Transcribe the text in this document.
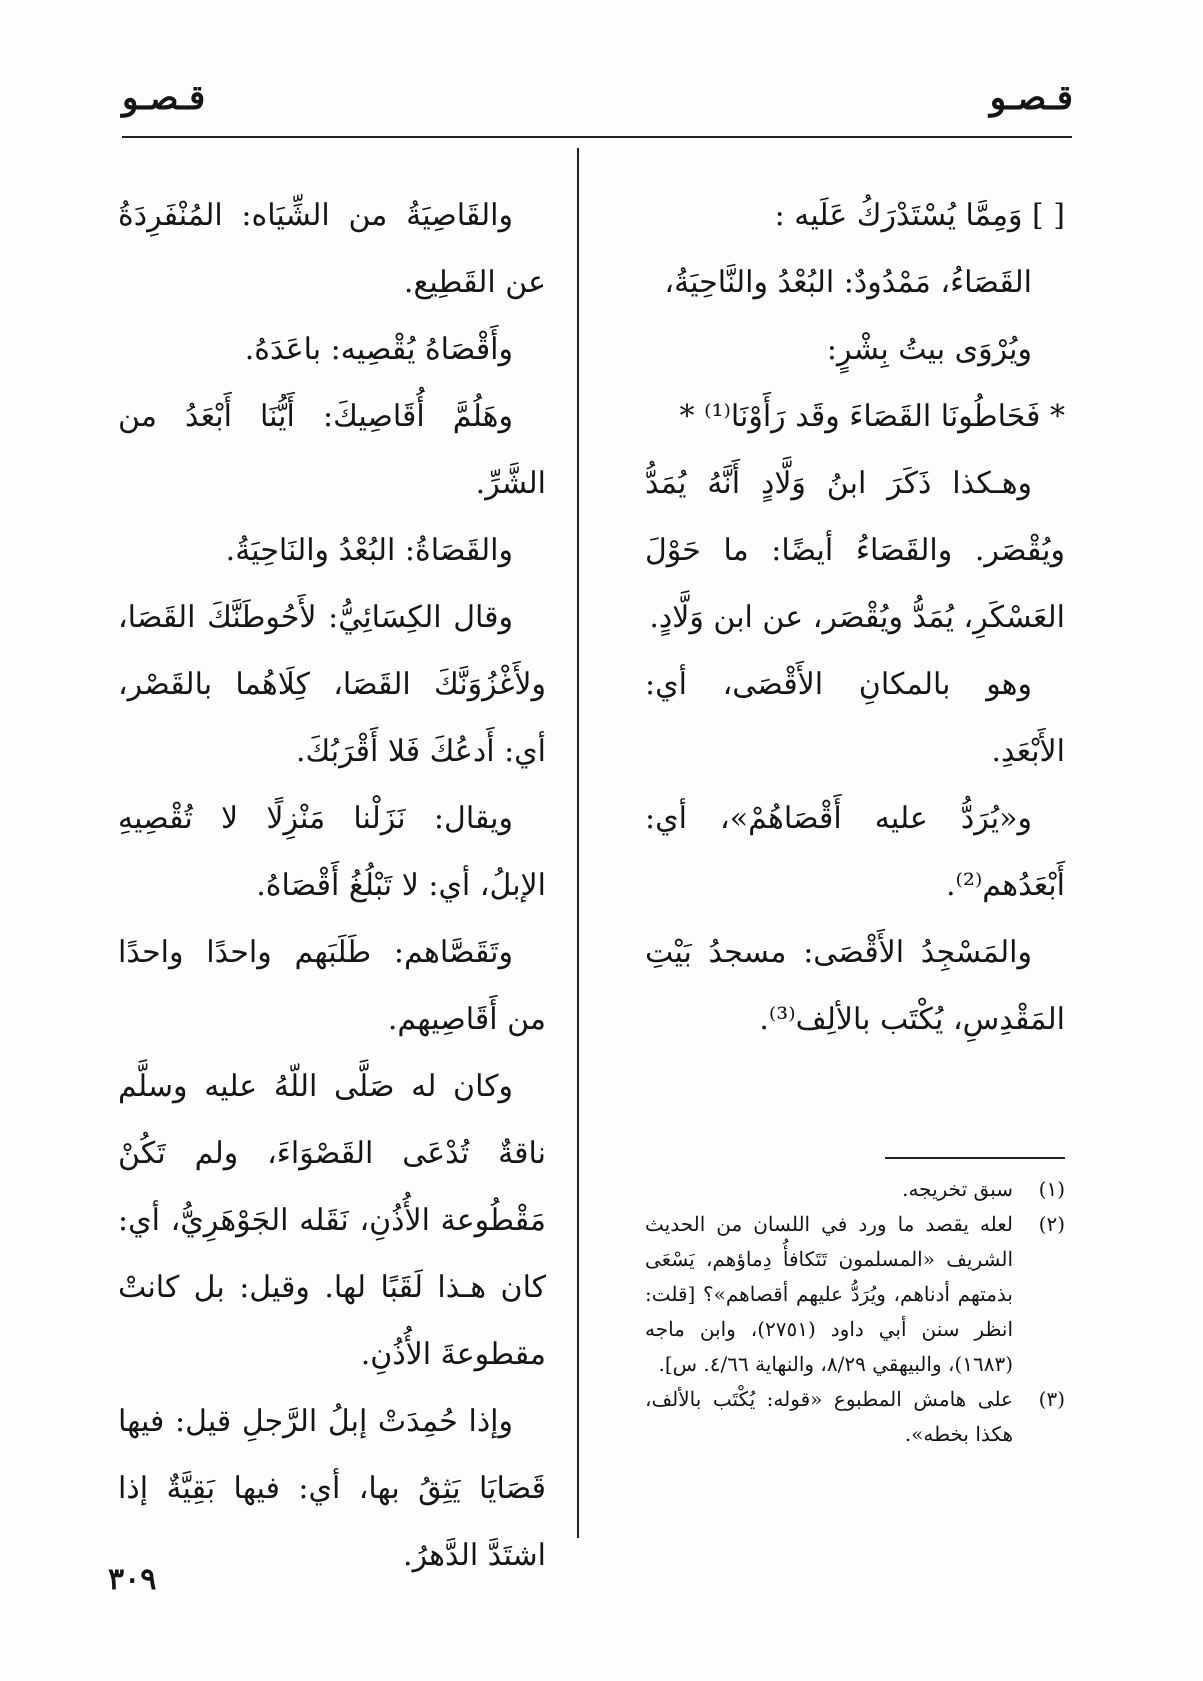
قـصـو
قـصـو

[ ] وَمِمَّا يُسْتَدْرَكُ عَلَيه :

القَصَاءُ، مَمْدُودٌ: البُعْدُ والنَّاحِيَةُ،

ويُرْوَى بيتُ بِشْرٍ:

* فَحَاطُونَا القَصَاءَ وقَد رَأَوْنَا⁽¹⁾ *

وهـكذا ذَكَرَ ابنُ وَلَّادٍ أَنَّهُ يُمَدُّ ويُقْصَر. والقَصَاءُ أيضًا: ما حَوْلَ العَسْكَرِ، يُمَدُّ ويُقْصَر، عن ابن وَلَّادٍ.

وهو بالمكانِ الأَقْصَى، أي: الأَبْعَدِ.

و«يُرَدُّ عليه أَقْصَاهُمْ»، أي: أَبْعَدُهم⁽²⁾.

والمَسْجِدُ الأَقْصَى: مسجدُ بَيْتِ المَقْدِسِ، يُكْتَب بالألِف⁽³⁾.

(١)
سبق تخريجه.
(٢)
لعله يقصد ما ورد في اللسان من الحديث الشريف «المسلمون تَتَكافأُ دِماؤهم، يَسْعَى بذمتهم أدناهم، ويُرَدُّ عليهم أقصاهم»؟ [قلت: انظر سنن أبي داود (٢٧٥١)، وابن ماجه (١٦٨٣)، والبيهقي ٨/٢٩، والنهاية ٤/٦٦. س].
(٣)
على هامش المطبوع «قوله: يُكْتَب بالألف، هكذا بخطه».

والقَاصِيَةُ من الشِّيَاه: المُنْفَرِدَةُ عن القَطِيع.

وأَقْصَاهُ يُقْصِيه: باعَدَهُ.

وهَلُمَّ أُقَاصِيكَ: أَيُّنَا أَبْعَدُ من الشَّرِّ.

والقَصَاةُ: البُعْدُ والنَاحِيَةُ.

وقال الكِسَائِيُّ: لأَحُوطَنَّكَ القَصَا، ولأَغْزُوَنَّكَ القَصَا، كِلَاهُما بالقَصْر، أي: أَدعُكَ فَلا أَقْرَبُكَ.

ويقال: نَزَلْنا مَنْزِلًا لا تُقْصِيهِ الإبلُ، أي: لا تَبْلُغُ أَقْصَاهُ.

وتَقَصَّاهم: طَلَبَهم واحدًا واحدًا من أَقَاصِيهم.

وكان له صَلَّى اللّهُ عليه وسلَّم ناقةٌ تُدْعَى القَصْوَاءَ، ولم تَكُنْ مَقْطُوعة الأُذُنِ، نَقَله الجَوْهَرِيُّ، أي: كان هـذا لَقَبًا لها. وقيل: بل كانتْ مقطوعةَ الأُذُنِ.

وإذا حُمِدَتْ إبلُ الرَّجلِ قيل: فيها قَصَايَا يَثِقُ بها، أي: فيها بَقِيَّةٌ إذا اشتَدَّ الدَّهرُ.

٣٠٩
